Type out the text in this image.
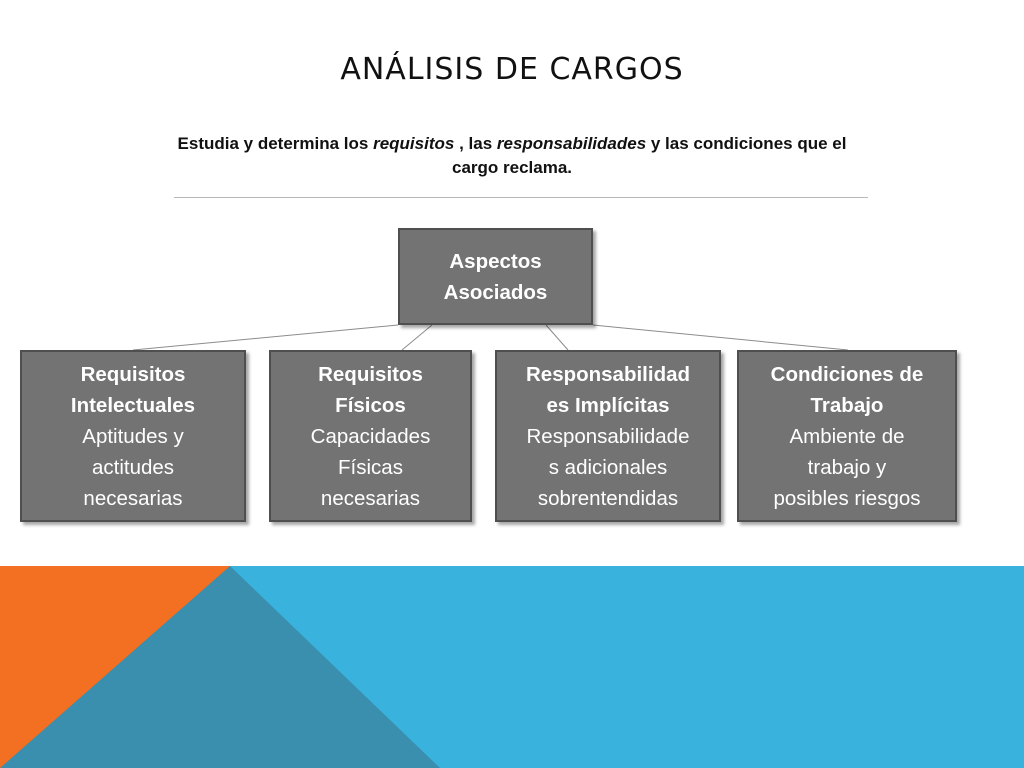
ANÁLISIS DE CARGOS
Estudia y determina los requisitos , las responsabilidades y las condiciones que el cargo reclama.
Aspectos
Asociados
Requisitos
Intelectuales
Aptitudes y
actitudes
necesarias
Requisitos
Físicos
Capacidades
Físicas
necesarias
Responsabilidad
es Implícitas
Responsabilidade
s adicionales
sobrentendidas
Condiciones de
Trabajo
Ambiente de
trabajo y
posibles riesgos
